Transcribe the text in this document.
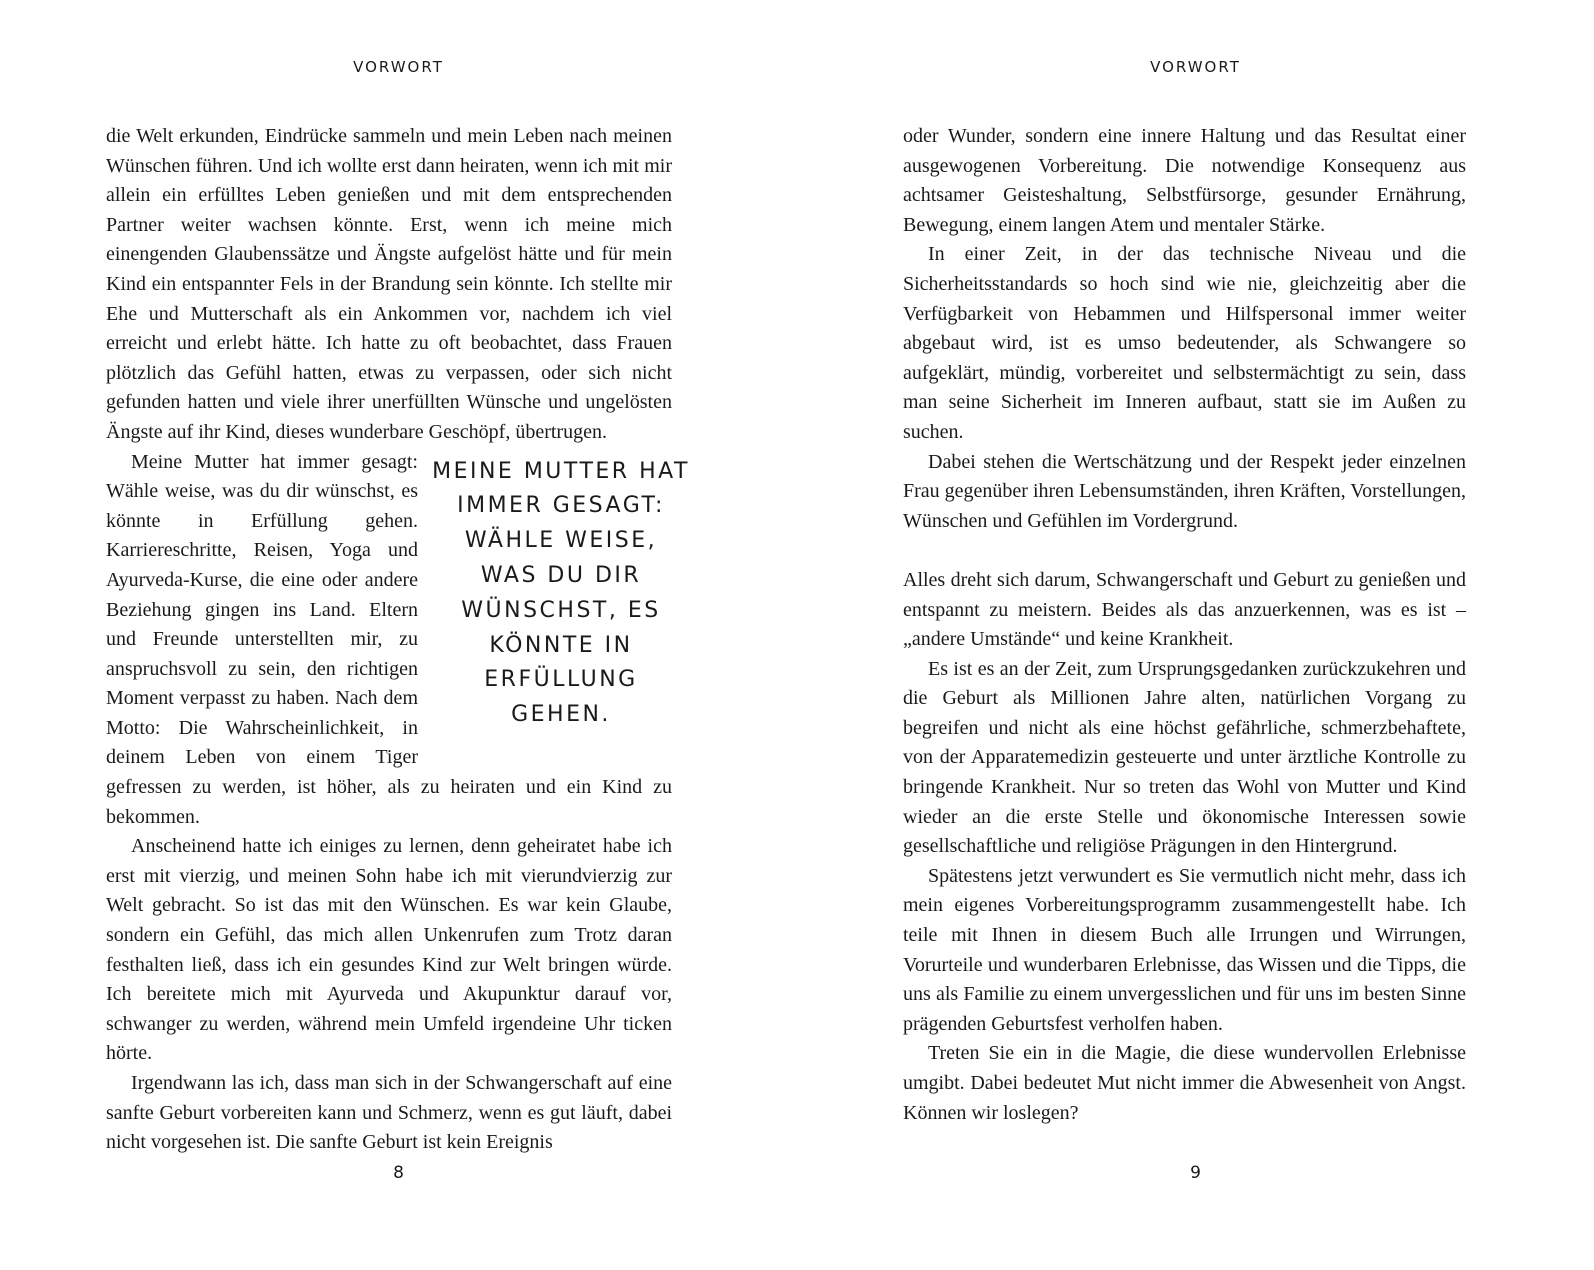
VORWORT

die Welt erkunden, Eindrücke sammeln und mein Leben nach meinen Wünschen führen. Und ich wollte erst dann heiraten, wenn ich mit mir allein ein erfülltes Leben genießen und mit dem entsprechenden Partner weiter wachsen könnte. Erst, wenn ich meine mich einengenden Glaubenssätze und Ängste aufgelöst hätte und für mein Kind ein entspannter Fels in der Brandung sein könnte. Ich stellte mir Ehe und Mutterschaft als ein Ankommen vor, nachdem ich viel erreicht und erlebt hätte. Ich hatte zu oft beobachtet, dass Frauen plötzlich das Gefühl hatten, etwas zu verpassen, oder sich nicht gefunden hatten und viele ihrer unerfüllten Wünsche und ungelösten Ängste auf ihr Kind, dieses wunderbare Geschöpf, übertrugen.

MEINE MUTTER HAT IMMER GESAGT: WÄHLE WEISE, WAS DU DIR WÜNSCHST, ES KÖNNTE IN ERFÜLLUNG GEHEN.

Meine Mutter hat immer gesagt: Wähle weise, was du dir wünschst, es könnte in Erfüllung gehen. Karriereschritte, Reisen, Yoga und Ayurveda-Kurse, die eine oder andere Beziehung gingen ins Land. Eltern und Freunde unterstellten mir, zu anspruchsvoll zu sein, den richtigen Moment verpasst zu haben. Nach dem Motto: Die Wahrscheinlichkeit, in deinem Leben von einem Tiger gefressen zu werden, ist höher, als zu heiraten und ein Kind zu bekommen.

Anscheinend hatte ich einiges zu lernen, denn geheiratet habe ich erst mit vierzig, und meinen Sohn habe ich mit vierundvierzig zur Welt gebracht. So ist das mit den Wünschen. Es war kein Glaube, sondern ein Gefühl, das mich allen Unkenrufen zum Trotz daran festhalten ließ, dass ich ein gesundes Kind zur Welt bringen würde. Ich bereitete mich mit Ayurveda und Akupunktur darauf vor, schwanger zu werden, während mein Umfeld irgendeine Uhr ticken hörte.

Irgendwann las ich, dass man sich in der Schwangerschaft auf eine sanfte Geburt vorbereiten kann und Schmerz, wenn es gut läuft, dabei nicht vorgesehen ist. Die sanfte Geburt ist kein Ereignis

8
VORWORT

oder Wunder, sondern eine innere Haltung und das Resultat einer ausgewogenen Vorbereitung. Die notwendige Konsequenz aus achtsamer Geisteshaltung, Selbstfürsorge, gesunder Ernährung, Bewegung, einem langen Atem und mentaler Stärke.

In einer Zeit, in der das technische Niveau und die Sicherheitsstandards so hoch sind wie nie, gleichzeitig aber die Verfügbarkeit von Hebammen und Hilfspersonal immer weiter abgebaut wird, ist es umso bedeutender, als Schwangere so aufgeklärt, mündig, vorbereitet und selbstermächtigt zu sein, dass man seine Sicherheit im Inneren aufbaut, statt sie im Außen zu suchen.

Dabei stehen die Wertschätzung und der Respekt jeder einzelnen Frau gegenüber ihren Lebensumständen, ihren Kräften, Vorstellungen, Wünschen und Gefühlen im Vordergrund.

Alles dreht sich darum, Schwangerschaft und Geburt zu genießen und entspannt zu meistern. Beides als das anzuerkennen, was es ist – „andere Umstände“ und keine Krankheit.

Es ist es an der Zeit, zum Ursprungsgedanken zurückzukehren und die Geburt als Millionen Jahre alten, natürlichen Vorgang zu begreifen und nicht als eine höchst gefährliche, schmerzbehaftete, von der Apparatemedizin gesteuerte und unter ärztliche Kontrolle zu bringende Krankheit. Nur so treten das Wohl von Mutter und Kind wieder an die erste Stelle und ökonomische Interessen sowie gesellschaftliche und religiöse Prägungen in den Hintergrund.

Spätestens jetzt verwundert es Sie vermutlich nicht mehr, dass ich mein eigenes Vorbereitungsprogramm zusammengestellt habe. Ich teile mit Ihnen in diesem Buch alle Irrungen und Wirrungen, Vorurteile und wunderbaren Erlebnisse, das Wissen und die Tipps, die uns als Familie zu einem unvergesslichen und für uns im besten Sinne prägenden Geburtsfest verholfen haben.

Treten Sie ein in die Magie, die diese wundervollen Erlebnisse umgibt. Dabei bedeutet Mut nicht immer die Abwesenheit von Angst. Können wir loslegen?

9
